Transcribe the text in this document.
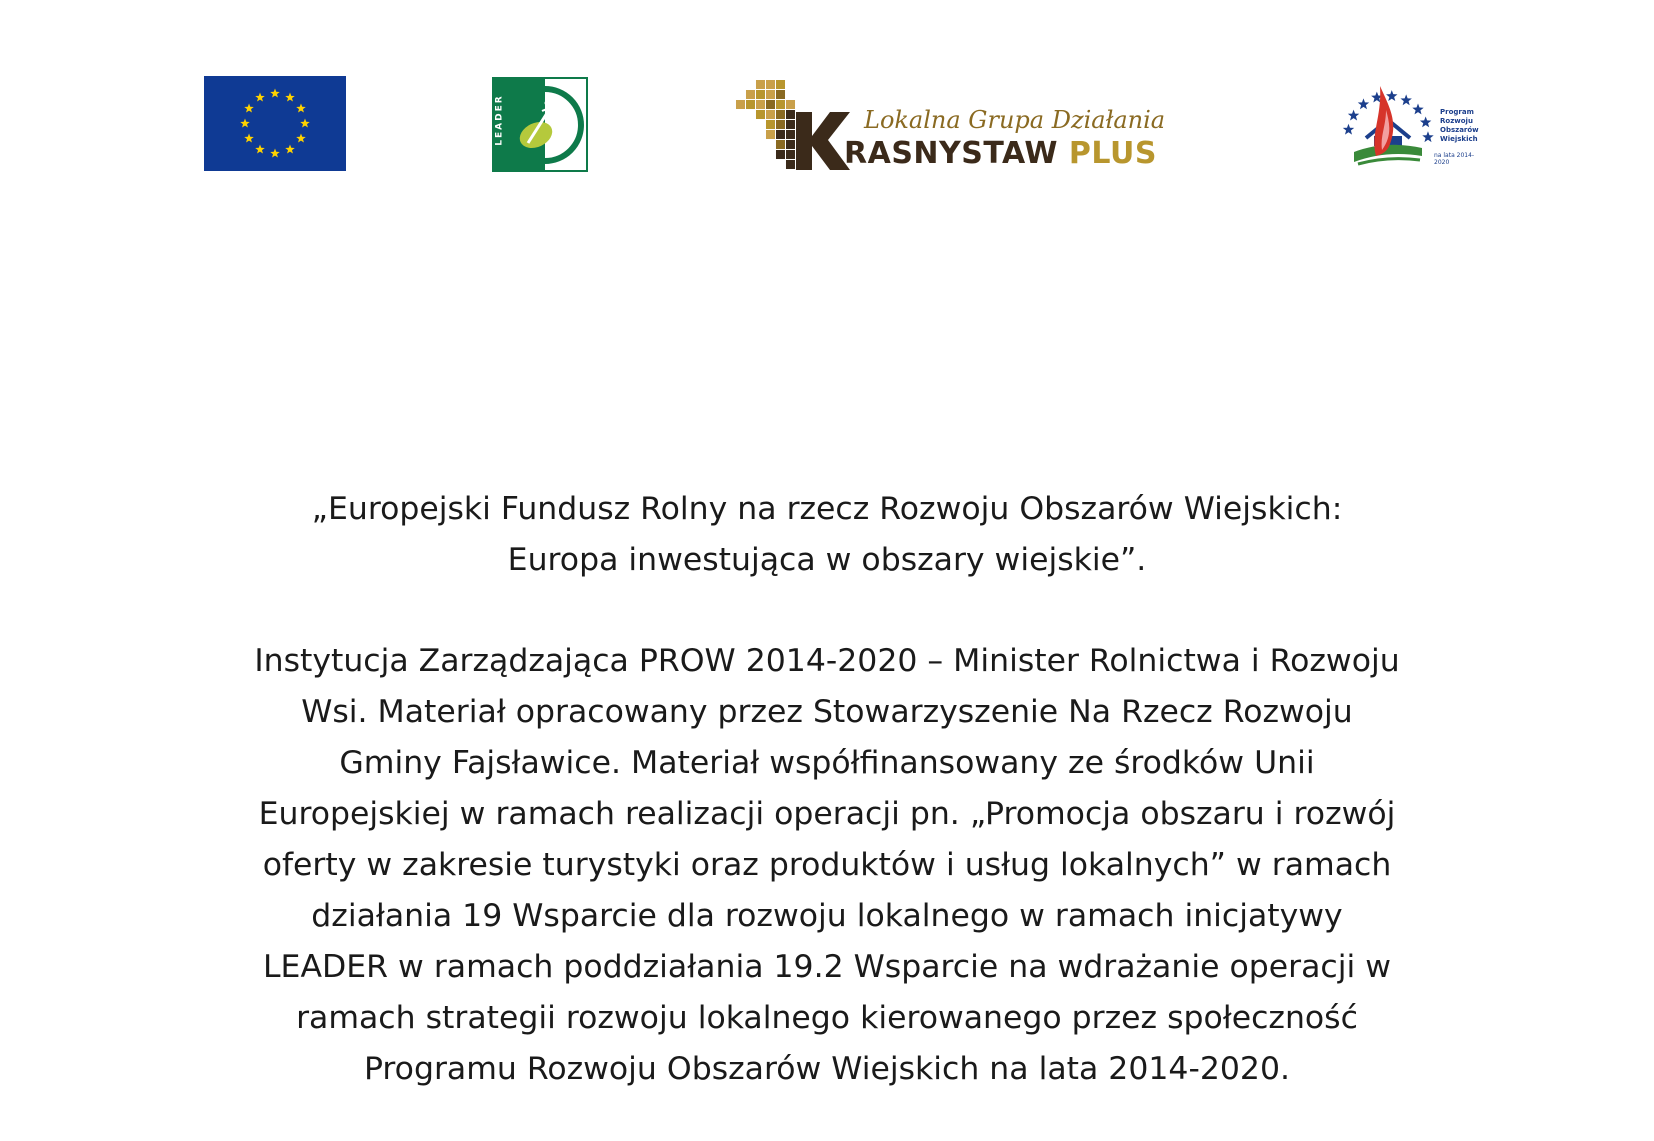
LEADER	Lokalna Grupa Działania
RASNYSTAW PLUS
Program
Rozwoju
Obszarów
Wiejskich
na lata 2014-2020

„Europejski Fundusz Rolny na rzecz Rozwoju Obszarów Wiejskich:

Europa inwestująca w obszary wiejskie”.

Instytucja Zarządzająca PROW 2014-2020 – Minister Rolnictwa i Rozwoju

Wsi. Materiał opracowany przez Stowarzyszenie Na Rzecz Rozwoju

Gminy Fajsławice. Materiał współfinansowany ze środków Unii

Europejskiej w ramach realizacji operacji pn. „Promocja obszaru i rozwój

oferty w zakresie turystyki oraz produktów i usług lokalnych” w ramach

działania 19 Wsparcie dla rozwoju lokalnego w ramach inicjatywy

LEADER w ramach poddziałania 19.2 Wsparcie na wdrażanie operacji w

ramach strategii rozwoju lokalnego kierowanego przez społeczność

Programu Rozwoju Obszarów Wiejskich na lata 2014-2020.
